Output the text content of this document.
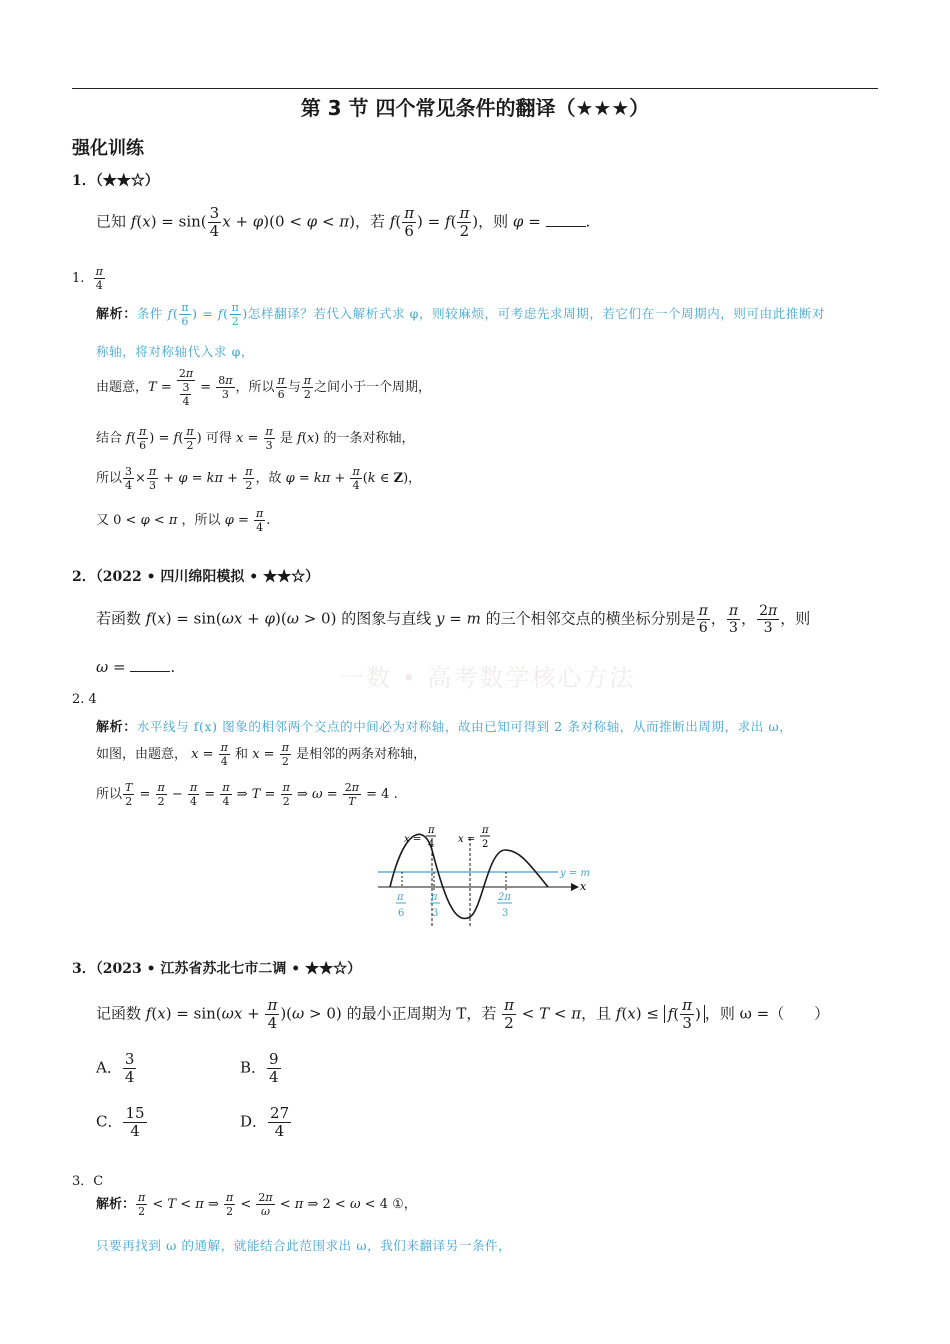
第 3 节 四个常见条件的翻译（★★★）
强化训练
一数 • 高考数学核心方法
1．（★★☆）
已知 $f(x) = \sin( \frac{3}{4}$ x + φ)(0 < φ < π)，若 $f( \frac{\pi}{6}$ ) = $f( \frac{\pi}{2}$ )，则 φ =	.
1. $\frac{\pi}{4}$
解析：条件 $f( \frac{\pi}{6}$ ) = $f( \frac{\pi}{2}$ )怎样翻译？若代入解析式求 φ，则较麻烦，可考虑先求周期，若它们在一个周期内，则可由此推断对
称轴，将对称轴代入求 φ，
由题意，$T = \frac{2\pi}{\frac{3}{4}} = \frac{8\pi}{3}$ ，所以 $\frac{\pi}{6}$ 与 $\frac{\pi}{2}$ 之间小于一个周期，
结合 $f( \frac{\pi}{6}$ ) = $f( \frac{\pi}{2}$ ) 可得 $x = \frac{\pi}{3}$ 是 f(x) 的一条对称轴，
所以 $\frac{3}{4} \times \frac{\pi}{3} + \varphi = k\pi + \frac{\pi}{2}$ ，故 $\varphi = k\pi + \frac{\pi}{4} (k$ ∈ Z)，
又 0 < φ < π ，所以 $\varphi = \frac{\pi}{4}$ .
2．（2022 • 四川绵阳模拟 • ★★☆）
若函数 f(x) = sin(ωx + φ)(ω > 0) 的图象与直线 y = m 的三个相邻交点的横坐标分别是 $\frac{\pi}{6}$ ， $\frac{\pi}{3}$ ， $\frac{2\pi}{3}$ ，则
ω =	.
2. 4
解析：水平线与 f(x) 图象的相邻两个交点的中间必为对称轴，故由已知可得到 2 条对称轴，从而推断出周期，求出 ω，
如图，由题意， $x = \frac{\pi}{4}$ 和 $x = \frac{\pi}{2}$ 是相邻的两条对称轴，
所以 $\frac{T}{2} = \frac{\pi}{2} - \frac{\pi}{4} = \frac{\pi}{4}$ ⇒ $T = \frac{\pi}{2}$ ⇒ $\omega = \frac{2\pi}{T} = 4$ .
y = m
x
x =
π
4 x =
π
2
π
6
π
3
2π
3
3．（2023 • 江苏省苏北七市二调 • ★★☆）
记函数 $f(x) = \sin(\omega x + \frac{\pi}{4} )(\omega > 0)$ 的最小正周期为 T，若 $\frac{\pi}{2} < T < \pi$，且 $f(x) \le f( \frac{\pi}{3}$ ) ，则 ω =（　　）
A． $\frac{3}{4}$	B． $\frac{9}{4}$
C． $\frac{15}{4}$	D． $\frac{27}{4}$
3．C
解析： $\frac{\pi}{2} < T < \pi$ ⇒ $\frac{\pi}{2} < \frac{2\pi}{\omega} < \pi$ ⇒ 2 < ω < 4 ①，
只要再找到 ω 的通解，就能结合此范围求出 ω，我们来翻译另一条件，
